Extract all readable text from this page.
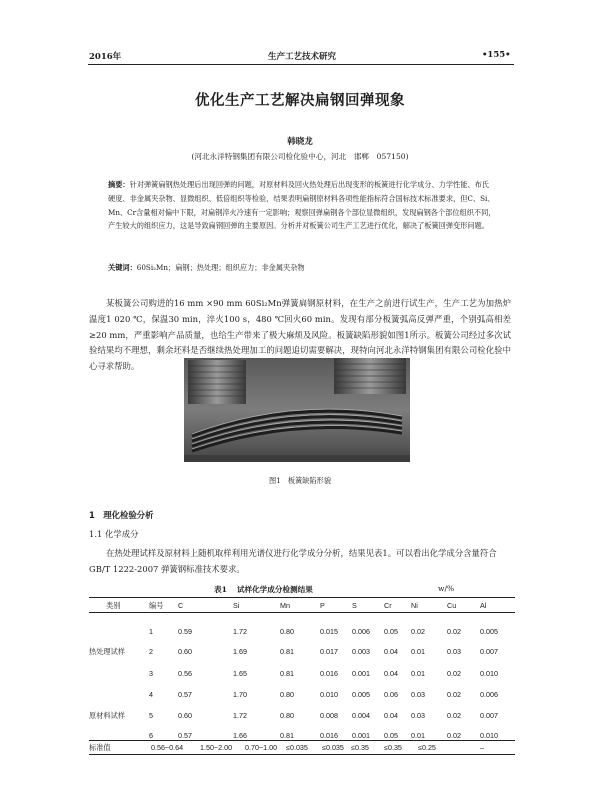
2016年	生产工艺技术研究	•155•
优化生产工艺解决扁钢回弹现象
韩晓龙
(河北永洋特钢集团有限公司检化验中心，河北　邯郸　057150)
摘要：针对弹簧扁钢热处理后出现回弹的问题，对原材料及回火热处理后出现变形的板簧进行化学成分、力学性能、布氏硬度、非金属夹杂物、显微组织、低倍组织等检验，结果表明扁钢原材料各项性能指标符合国标技术标准要求，但C、Si、Mn、Cr含量相对偏中下限，对扁钢淬火冷速有一定影响；观察回弹扁钢各个部位显微组织，发现扁钢各个部位组织不同，产生较大的组织应力，这是导致扁钢回弹的主要原因。分析并对板簧公司生产工艺进行优化，解决了板簧回弹变形问题。
关键词：60Si₂Mn；扁钢；热处理；组织应力；非金属夹杂物
某板簧公司购进的16 mm ×90 mm 60Si₂Mn弹簧扁钢原材料，在生产之前进行试生产，生产工艺为加热炉温度1 020 ℃，保温30 min，淬火100 s，480 ℃回火60 min。发现有部分板簧弧高反弹严重，个别弧高相差≥20 mm，严重影响产品质量，也给生产带来了极大麻烦及风险。板簧缺陷形貌如图1所示。板簧公司经过多次试验结果均不理想，剩余坯料是否继续热处理加工的问题追切需要解决，现特向河北永洋特钢集团有限公司检化验中心寻求帮助。
图1　板簧缺陷形貌
1　理化检验分析
1.1 化学成分
在热处理试样及原材料上随机取样利用光谱仪进行化学成分分析，结果见表1。可以看出化学成分含量符合GB/T 1222-2007 弹簧钢标准技术要求。
表1 试样化学成分检测结果	w/%
类别	编号 C	Si	Mn	P	S	Cr	Ni	Cu	Al
热处理试样
1	0.59	1.72	0.80	0.015 0.006 0.05 0.02	0.02	0.005
2	0.60	1.69	0.81	0.017 0.003 0.04 0.01	0.03	0.007
3	0.56	1.65	0.81	0.016 0.001 0.04 0.01	0.02	0.010
原材料试样
4	0.57	1.70	0.80	0.010 0.005 0.06 0.03	0.02	0.006
5	0.60	1.72	0.80	0.008 0.004 0.04 0.03	0.02	0.007
6	0.57	1.66	0.81	0.016 0.001 0.05 0.01	0.02	0.010
标准值	0.56~0.64 1.50~2.00 0.70~1.00 ≤0.035 ≤0.035 ≤0.35 ≤0.35 ≤0.25	–
